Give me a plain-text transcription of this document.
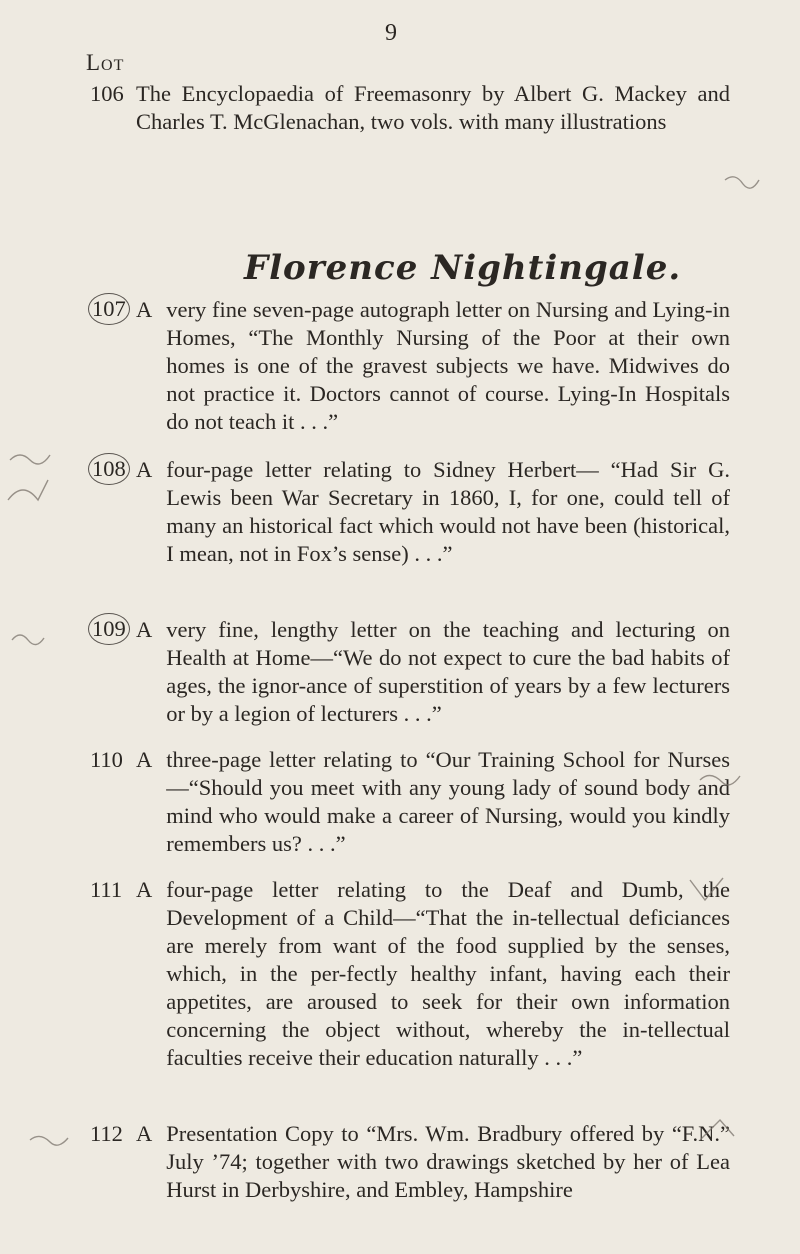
9
Lot
106 The Encyclopaedia of Freemasonry by Albert G. Mackey and Charles T. McGlenachan, two vols. with many illustrations
Florence Nightingale.
107 A very fine seven-page autograph letter on Nursing and Lying-in Homes, “The Monthly Nursing of the Poor at their own homes is one of the gravest subjects we have. Midwives do not practice it. Doctors cannot of course. Lying-In Hospitals do not teach it . . .”
108 A four-page letter relating to Sidney Herbert— “Had Sir G. Lewis been War Secretary in 1860, I, for one, could tell of many an historical fact which would not have been (historical, I mean, not in Fox’s sense) . . .”
109 A very fine, lengthy letter on the teaching and lecturing on Health at Home—“We do not expect to cure the bad habits of ages, the ignor-ance of superstition of years by a few lecturers or by a legion of lecturers . . .”
110 A three-page letter relating to “Our Training School for Nurses—“Should you meet with any young lady of sound body and mind who would make a career of Nursing, would you kindly remembers us? . . .”
111 A four-page letter relating to the Deaf and Dumb, the Development of a Child—“That the in-tellectual deficiances are merely from want of the food supplied by the senses, which, in the per-fectly healthy infant, having each their appetites, are aroused to seek for their own information concerning the object without, whereby the in-tellectual faculties receive their education naturally . . .”
112 A Presentation Copy to “Mrs. Wm. Bradbury offered by “F.N.” July ’74; together with two drawings sketched by her of Lea Hurst in Derbyshire, and Embley, Hampshire
